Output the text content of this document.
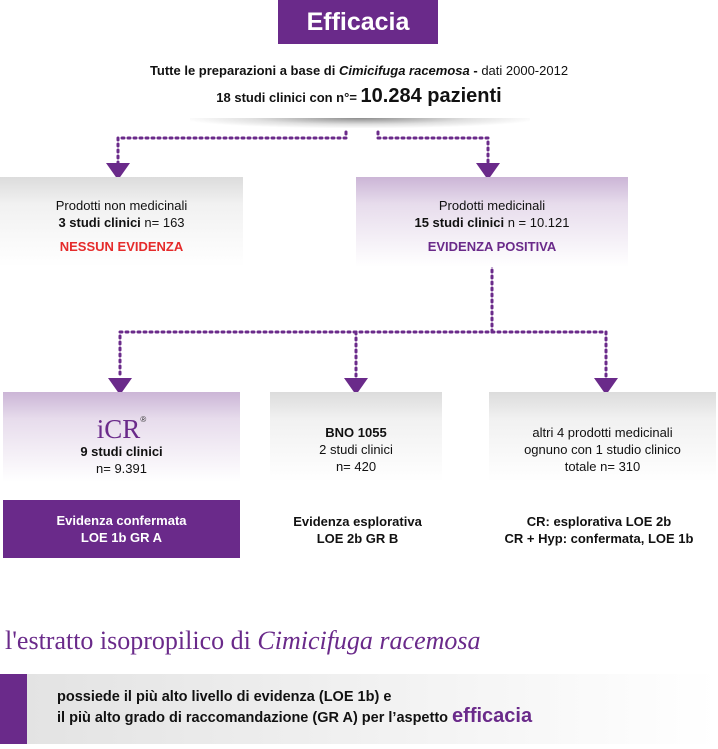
Efficacia
Tutte le preparazioni a base di Cimicifuga racemosa - dati 2000-2012
18 studi clinici con n°= 10.284 pazienti
Prodotti non medicinali
3 studi clinici n= 163
NESSUN EVIDENZA
Prodotti medicinali
15 studi clinici n = 10.121
EVIDENZA POSITIVA
iCR®
9 studi clinici
n= 9.391
BNO 1055
2 studi clinici
n= 420
altri 4 prodotti medicinali
ognuno con 1 studio clinico
totale n= 310
Evidenza confermata
LOE 1b GR A
Evidenza esplorativa
LOE 2b GR B
CR: esplorativa LOE 2b
CR + Hyp: confermata, LOE 1b
l'estratto isopropilico di Cimicifuga racemosa
possiede il più alto livello di evidenza (LOE 1b) e
il più alto grado di raccomandazione (GR A) per l’aspetto efficacia
